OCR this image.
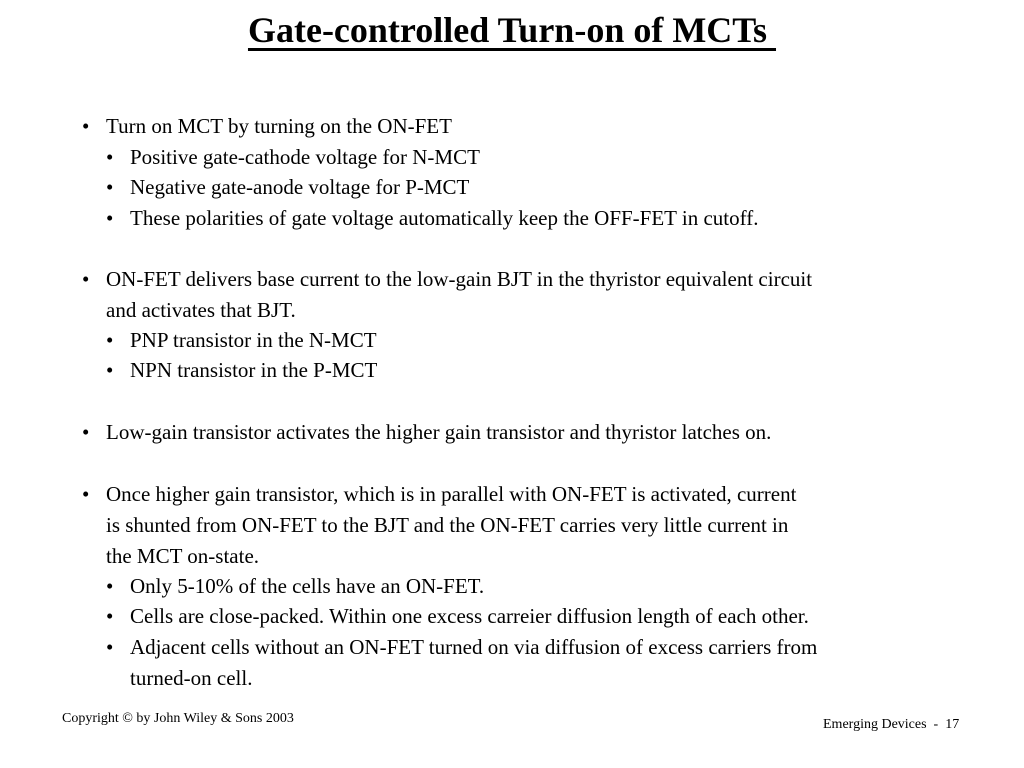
Gate-controlled Turn-on of MCTs
• Turn on MCT by turning on the ON-FET
• Positive gate-cathode voltage for N-MCT
• Negative gate-anode voltage for P-MCT
• These polarities of gate voltage automatically keep the OFF-FET in cutoff.
• ON-FET delivers base current to the low-gain BJT in the thyristor equivalent circuit
and activates that BJT.
• PNP transistor in the N-MCT
• NPN transistor in the P-MCT
• Low-gain transistor activates the higher gain transistor and thyristor latches on.
• Once higher gain transistor, which is in parallel with ON-FET is activated, current
is shunted from ON-FET to the BJT and the ON-FET carries very little current in
the MCT on-state.
• Only 5-10% of the cells have an ON-FET.
• Cells are close-packed. Within one excess carreier diffusion length of each other.
• Adjacent cells without an ON-FET turned on via diffusion of excess carriers from
turned-on cell.
Copyright © by John Wiley & Sons 2003	Emerging Devices  -  17
